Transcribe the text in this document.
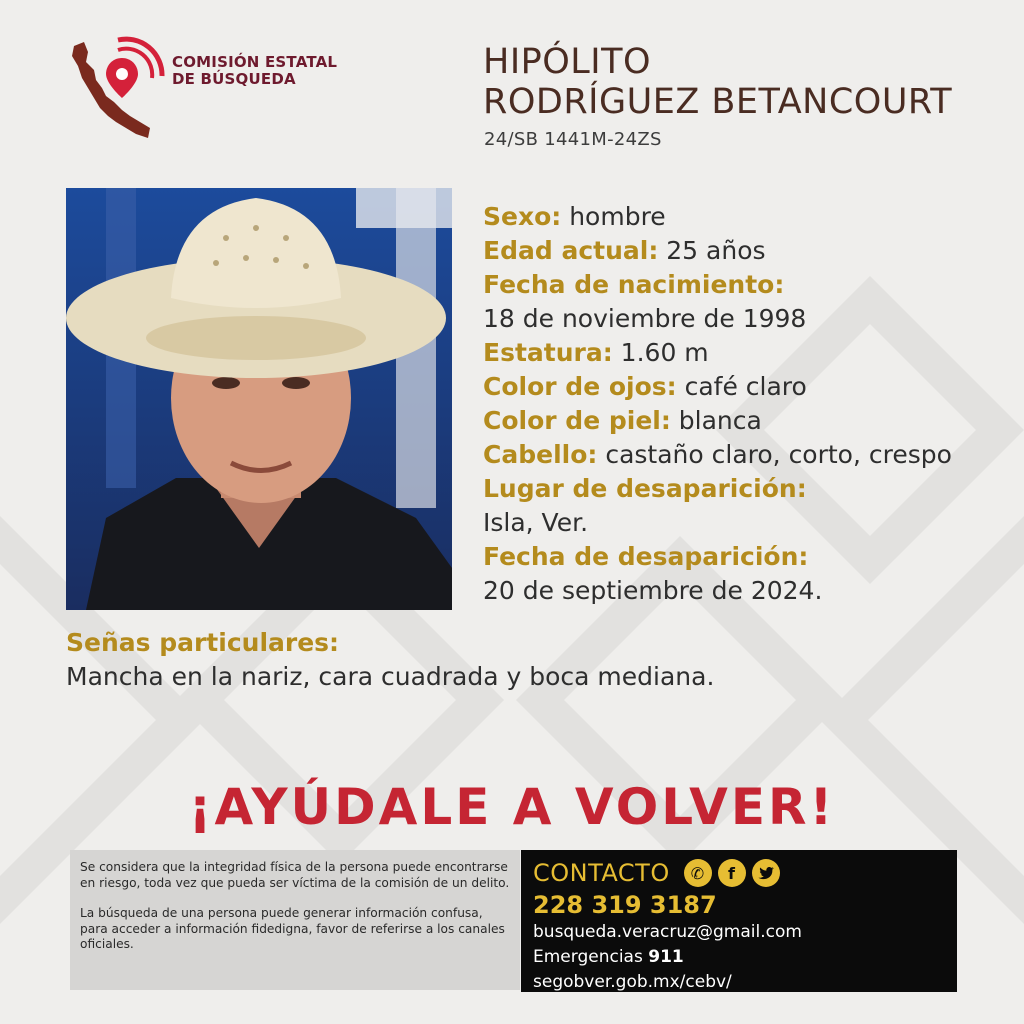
COMISIÓN ESTATAL
DE BÚSQUEDA	HIPÓLITO
RODRÍGUEZ BETANCOURT
24/SB 1441M-24ZS
Sexo: hombre
Edad actual: 25 años
Fecha de nacimiento:
18 de noviembre de 1998
Estatura: 1.60 m
Color de ojos: café claro
Color de piel: blanca
Cabello: castaño claro, corto, crespo
Lugar de desaparición:
Isla, Ver.
Fecha de desaparición:
20 de septiembre de 2024.
Señas particulares:
Mancha en la nariz, cara cuadrada y boca mediana.
¡AYÚDALE A VOLVER!

Se considera que la integridad física de la persona puede encontrarse en riesgo, toda vez que pueda ser víctima de la comisión de un delito.

La búsqueda de una persona puede generar información confusa, para acceder a información fidedigna, favor de referirse a los canales oficiales.

CONTACTO	✆	f
228 319 3187
busqueda.veracruz@gmail.com
Emergencias 911
segobver.gob.mx/cebv/
